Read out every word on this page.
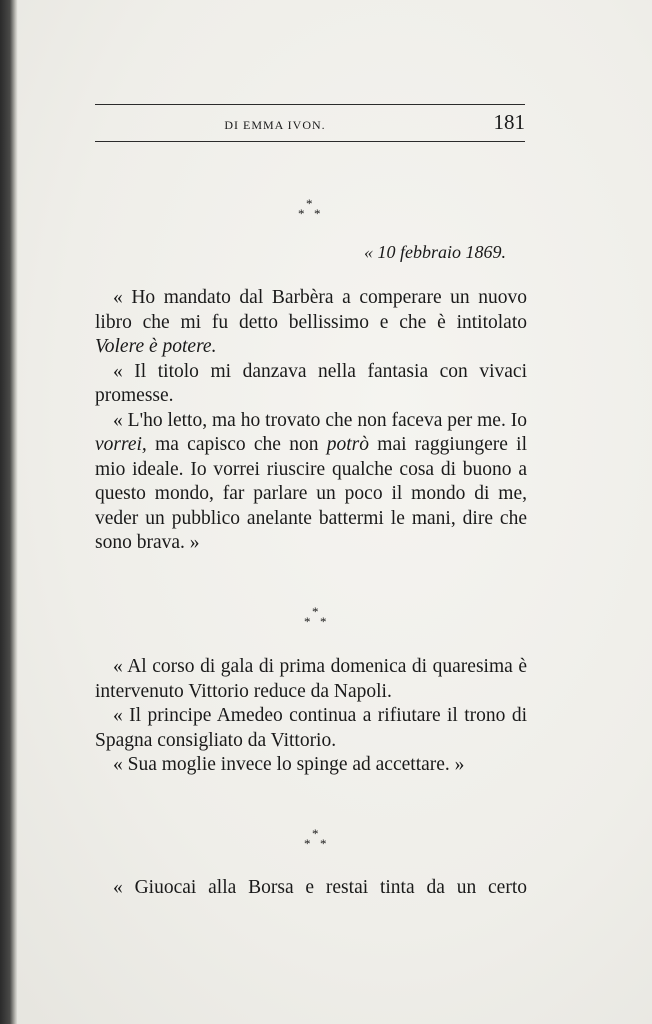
DI EMMA IVON.	181
*
* *
« 10 febbraio 1869.

« Ho mandato dal Barbèra a comperare un nuovo libro che mi fu detto bellissimo e che è intitolato Volere è potere.

« Il titolo mi danzava nella fantasia con vivaci promesse.

« L'ho letto, ma ho trovato che non faceva per me. Io vorrei, ma capisco che non potrò mai raggiungere il mio ideale. Io vorrei riuscire qualche cosa di buono a questo mondo, far parlare un poco il mondo di me, veder un pubblico anelante battermi le mani, dire che sono brava. »

*
* *

« Al corso di gala di prima domenica di quaresima è intervenuto Vittorio reduce da Napoli.

« Il principe Amedeo continua a rifiutare il trono di Spagna consigliato da Vittorio.

« Sua moglie invece lo spinge ad accettare. »

*
* *

« Giuocai alla Borsa e restai tinta da un certo
